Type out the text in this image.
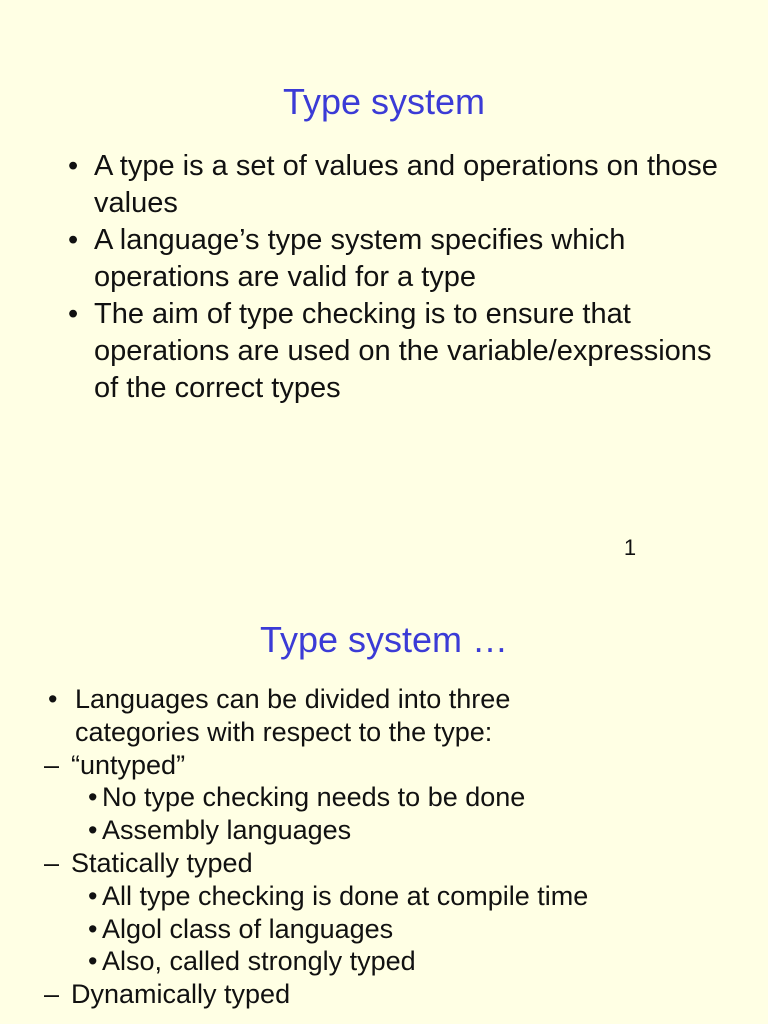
Type system
• A type is a set of values and operations on those values
• A language’s type system specifies which operations are valid for a type
• The aim of type checking is to ensure that operations are used on the variable/expressions of the correct types
1
Type system …
• Languages can be divided into three categories with respect to the type:
– “untyped”
• No type checking needs to be done
• Assembly languages
– Statically typed
• All type checking is done at compile time
• Algol class of languages
• Also, called strongly typed
– Dynamically typed
